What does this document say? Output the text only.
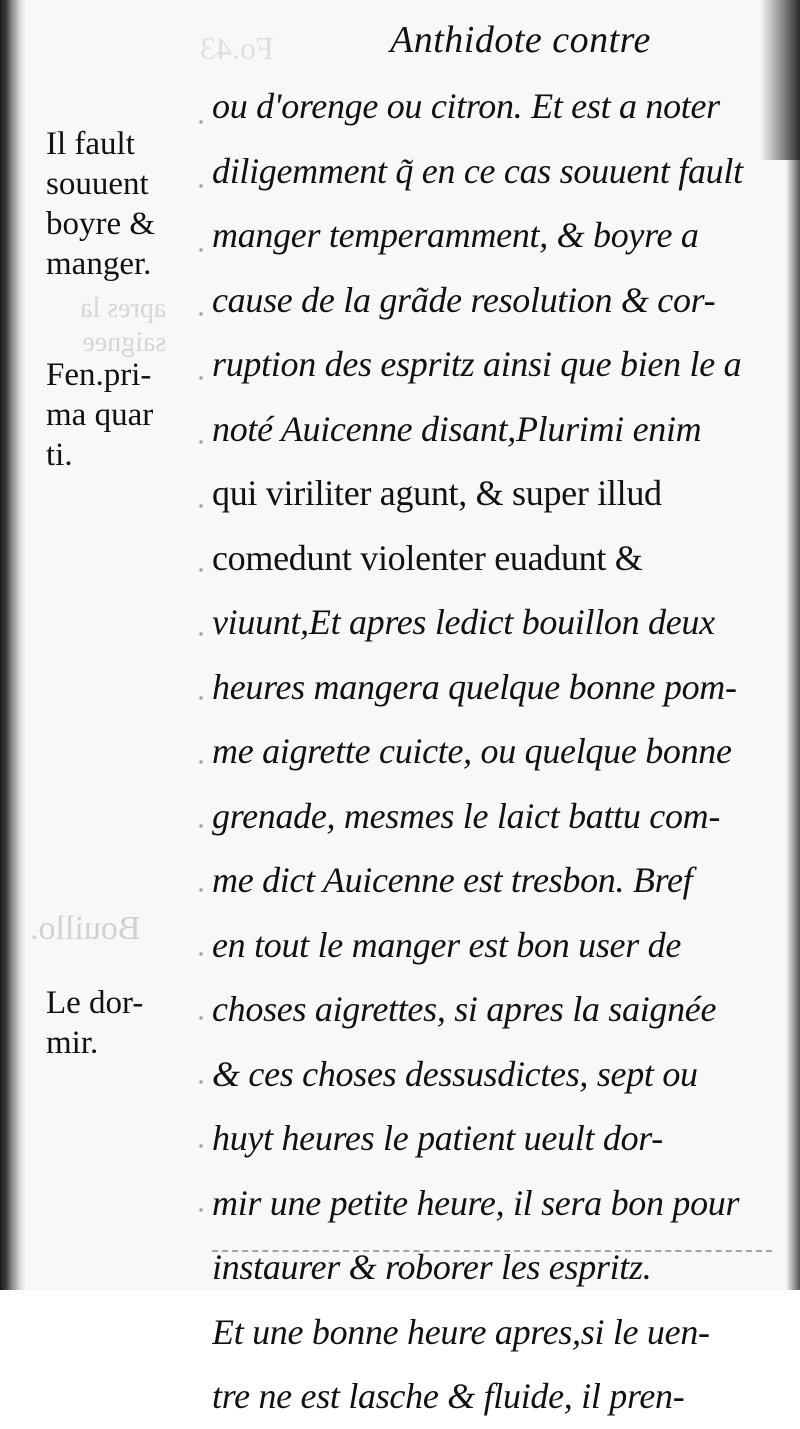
Fo.43	Anthidote contre
Il fault
souuent
boyre &
manger.
apres la
saignee
Fen.pri-
ma quar
ti.
Bouillo.
Le dor-
mir.
ou d'orenge ou citron. Et est a noter
diligemment q̃ en ce cas souuent fault
manger temperamment, & boyre a
cause de la grãde resolution & cor-
ruption des espritz ainsi que bien le a
noté Auicenne disant,Plurimi enim
qui viriliter agunt, & super illud
comedunt violenter euadunt &
viuunt,Et apres ledict bouillon deux
heures mangera quelque bonne pom-
me aigrette cuicte, ou quelque bonne
grenade, mesmes le laict battu com-
me dict Auicenne est tresbon. Bref
en tout le manger est bon user de
choses aigrettes, si apres la saignée
& ces choses dessusdictes, sept ou
huyt heures le patient ueult dor-
mir une petite heure, il sera bon pour
instaurer & roborer les espritz.
Et une bonne heure apres,si le uen-
tre ne est lasche & fluide, il pren-
